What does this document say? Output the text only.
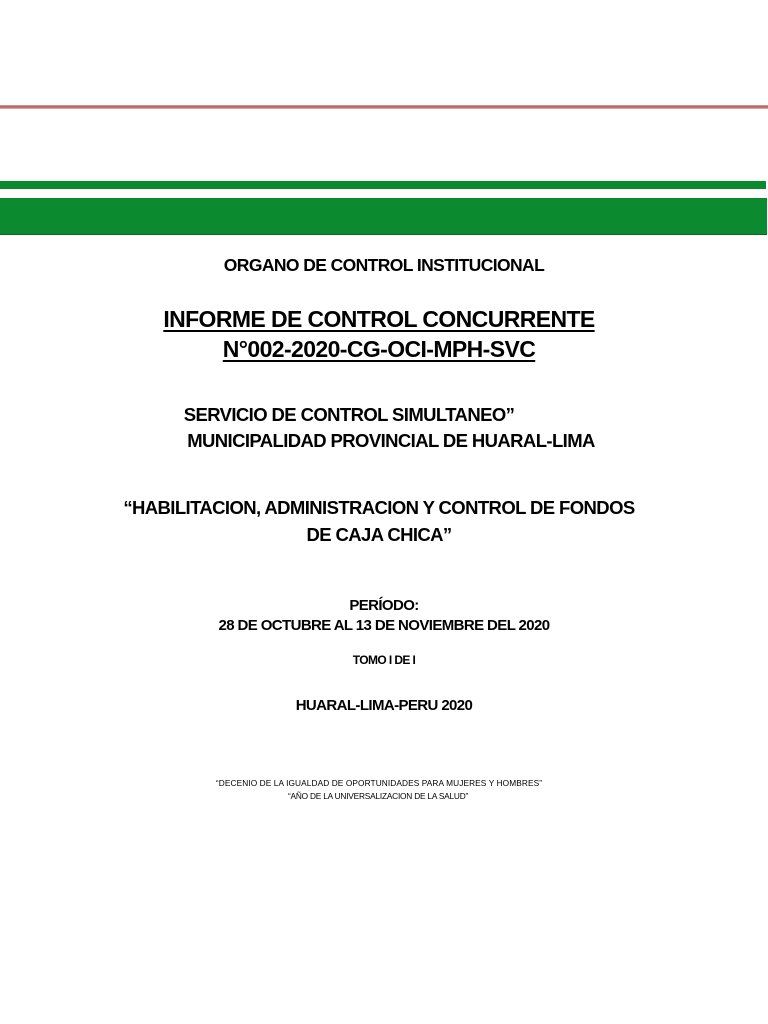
ORGANO DE CONTROL INSTITUCIONAL
INFORME DE CONTROL CONCURRENTE
N°002-2020-CG-OCI-MPH-SVC
SERVICIO DE CONTROL SIMULTANEO”
MUNICIPALIDAD PROVINCIAL DE HUARAL-LIMA
“HABILITACION, ADMINISTRACION Y CONTROL DE FONDOS
DE CAJA CHICA”
PERÍODO:
28 DE OCTUBRE AL 13 DE NOVIEMBRE DEL 2020
TOMO I DE I
HUARAL-LIMA-PERU 2020
“DECENIO DE LA IGUALDAD DE OPORTUNIDADES PARA MUJERES Y HOMBRES”
“AÑO DE LA UNIVERSALIZACION DE LA SALUD”
